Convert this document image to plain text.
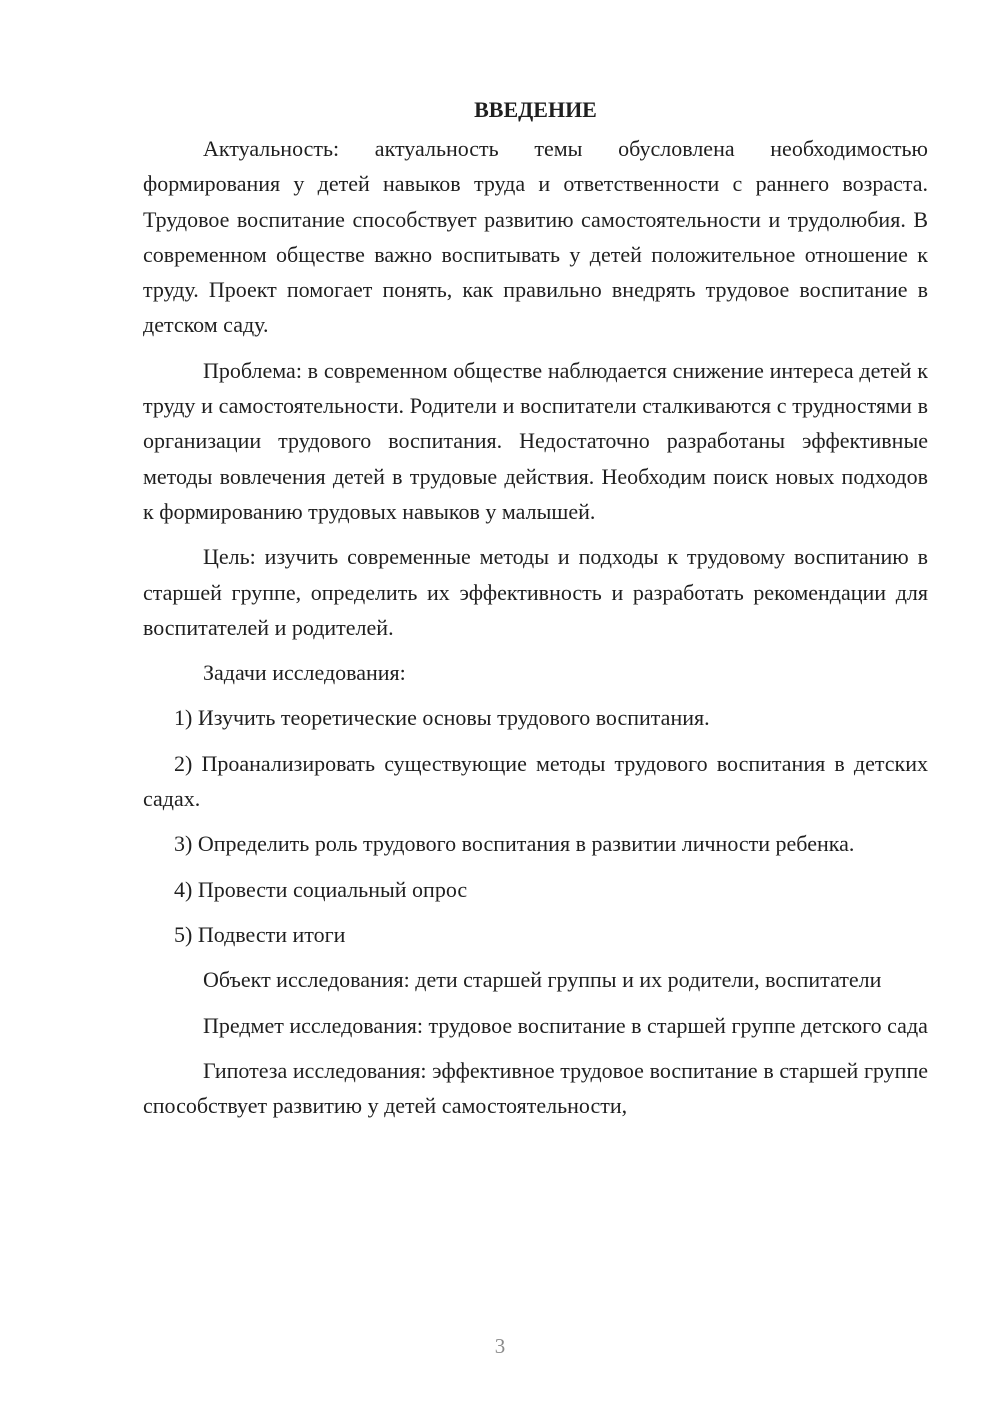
ВВЕДЕНИЕ

Актуальность: актуальность темы обусловлена необходимостью формирования у детей навыков труда и ответственности с раннего возраста. Трудовое воспитание способствует развитию самостоятельности и трудолюбия. В современном обществе важно воспитывать у детей положительное отношение к труду. Проект помогает понять, как правильно внедрять трудовое воспитание в детском саду.

Проблема: в современном обществе наблюдается снижение интереса детей к труду и самостоятельности. Родители и воспитатели сталкиваются с трудностями в организации трудового воспитания. Недостаточно разработаны эффективные методы вовлечения детей в трудовые действия. Необходим поиск новых подходов к формированию трудовых навыков у малышей.

Цель: изучить современные методы и подходы к трудовому воспитанию в старшей группе, определить их эффективность и разработать рекомендации для воспитателей и родителей.

Задачи исследования:

1) Изучить теоретические основы трудового воспитания.

2) Проанализировать существующие методы трудового воспитания в детских садах.

3) Определить роль трудового воспитания в развитии личности ребенка.

4) Провести социальный опрос

5) Подвести итоги

Объект исследования: дети старшей группы и их родители, воспитатели

Предмет исследования: трудовое воспитание в старшей группе детского сада

Гипотеза исследования: эффективное трудовое воспитание в старшей группе способствует развитию у детей самостоятельности,

3
